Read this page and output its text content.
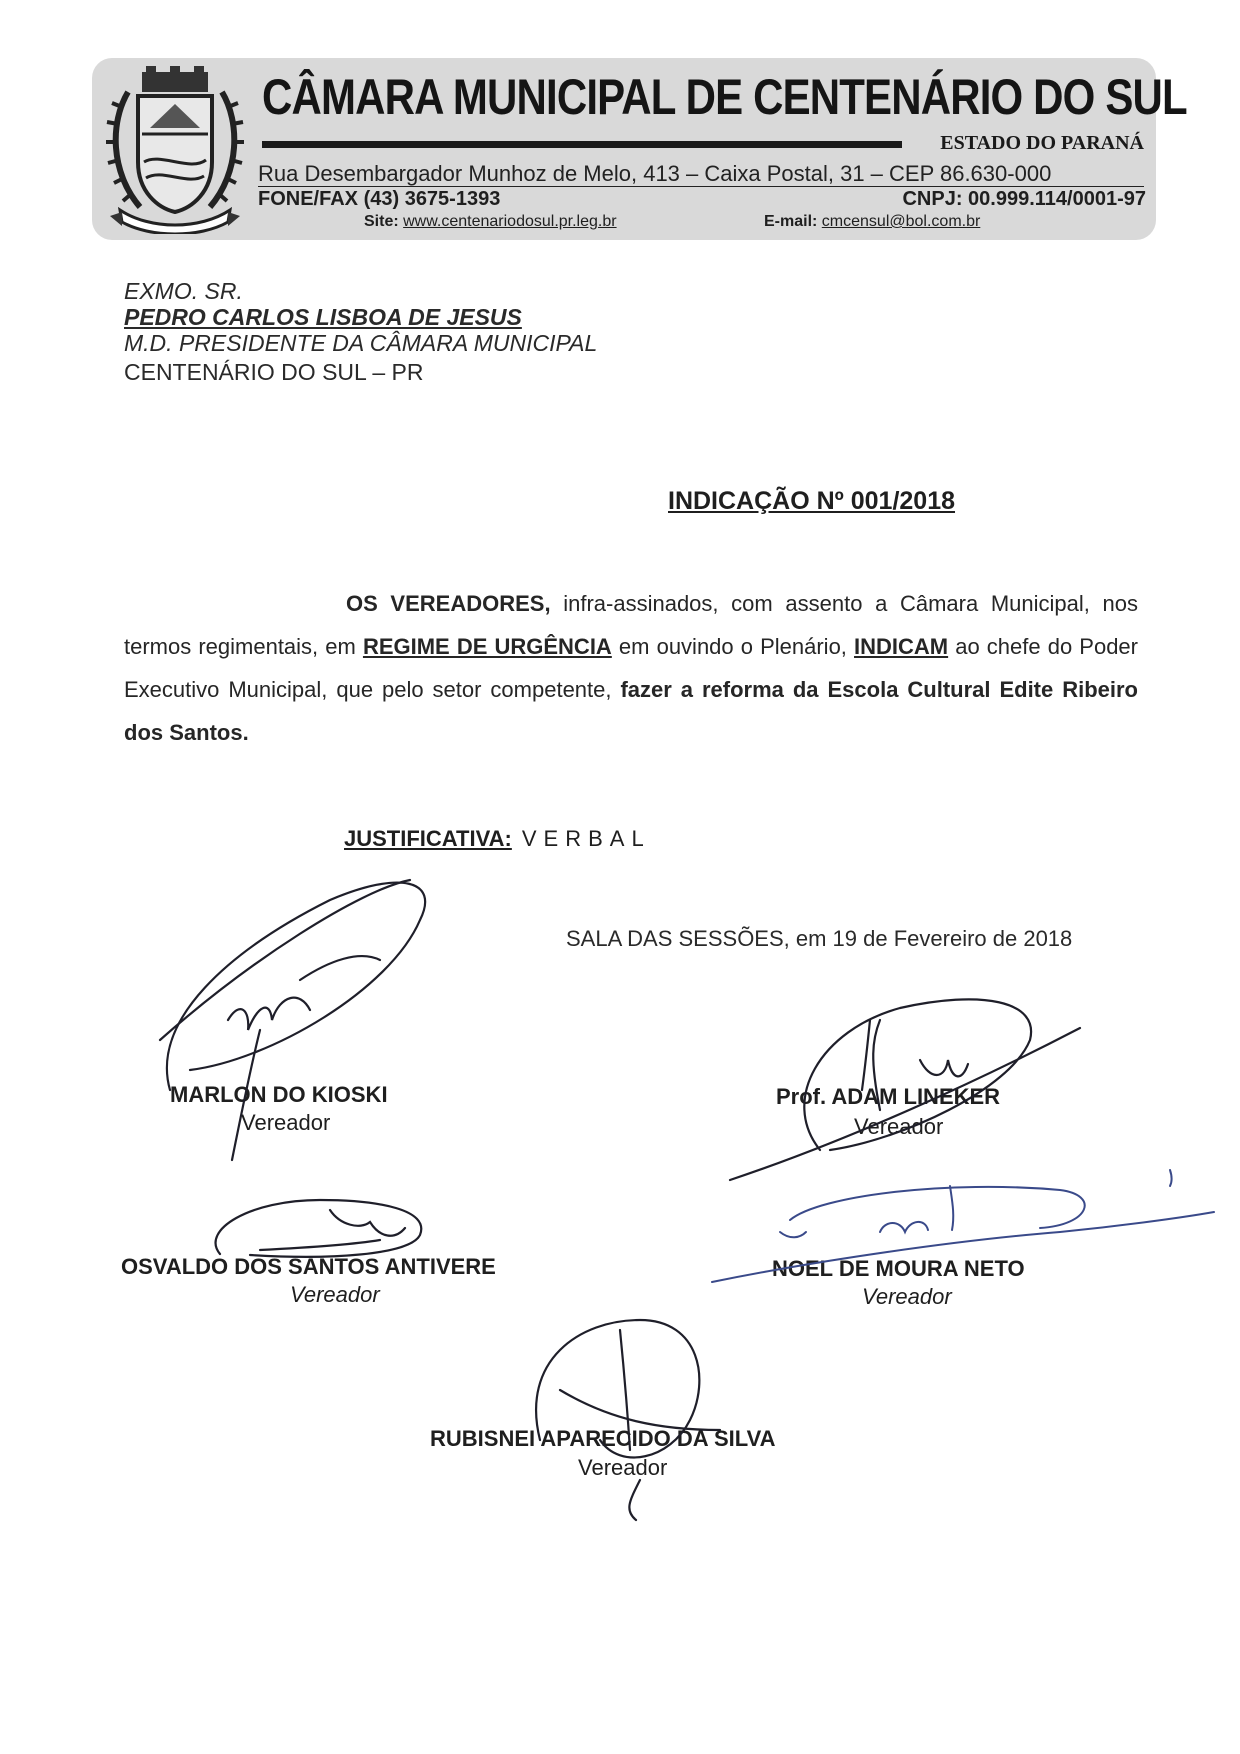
CÂMARA MUNICIPAL DE CENTENÁRIO DO SUL
ESTADO DO PARANÁ
Rua Desembargador Munhoz de Melo, 413 – Caixa Postal, 31 – CEP 86.630-000
FONE/FAX (43) 3675-1393	CNPJ: 00.999.114/0001-97
Site: www.centenariodosul.pr.leg.br	E-mail: cmcensul@bol.com.br
EXMO. SR.
PEDRO CARLOS LISBOA DE JESUS
M.D. PRESIDENTE DA CÂMARA MUNICIPAL
CENTENÁRIO DO SUL – PR
INDICAÇÃO Nº 001/2018
OS VEREADORES, infra-assinados, com assento a Câmara Municipal, nos termos regimentais, em REGIME DE URGÊNCIA em ouvindo o Plenário, INDICAM ao chefe do Poder Executivo Municipal, que pelo setor competente, fazer a reforma da Escola Cultural Edite Ribeiro dos Santos.
JUSTIFICATIVA: VERBAL
SALA DAS SESSÕES, em 19 de Fevereiro de 2018
MARLON DO KIOSKI
Vereador
Prof. ADAM LINEKER
Vereador
OSVALDO DOS SANTOS ANTIVERE
Vereador
NOEL DE MOURA NETO
Vereador
RUBISNEI APARECIDO DA SILVA
Vereador
